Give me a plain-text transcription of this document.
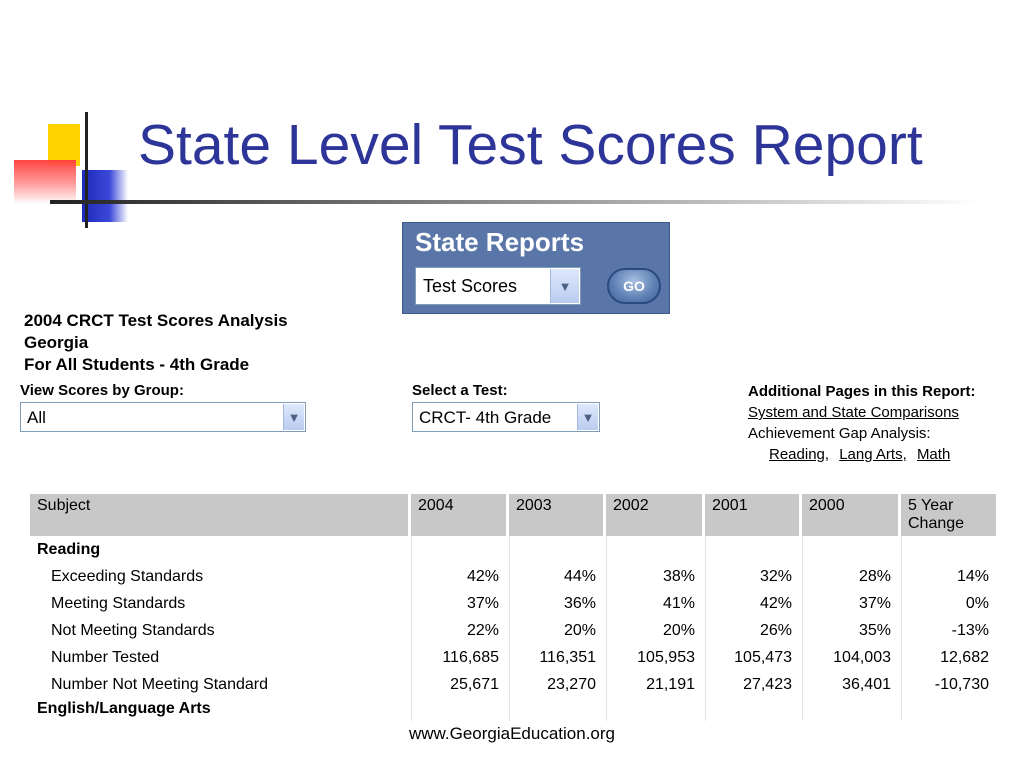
State Level Test Scores Report
State Reports
Test Scores	▼	GO
2004 CRCT Test Scores Analysis
Georgia
For All Students - 4th Grade
View Scores by Group:
All	▼
Select a Test:
CRCT- 4th Grade	▼
Additional Pages in this Report:
System and State Comparisons
Achievement Gap Analysis:
Reading, Lang Arts, Math
Subject	2004	2003	2002	2001	2000	5 Year Change
Reading						
Exceeding Standards	42%	44%	38%	32%	28%	14%
Meeting Standards	37%	36%	41%	42%	37%	0%
Not Meeting Standards	22%	20%	20%	26%	35%	-13%
Number Tested	116,685	116,351	105,953	105,473	104,003	12,682
Number Not Meeting Standard	25,671	23,270	21,191	27,423	36,401	-10,730
English/Language Arts						
www.GeorgiaEducation.org
